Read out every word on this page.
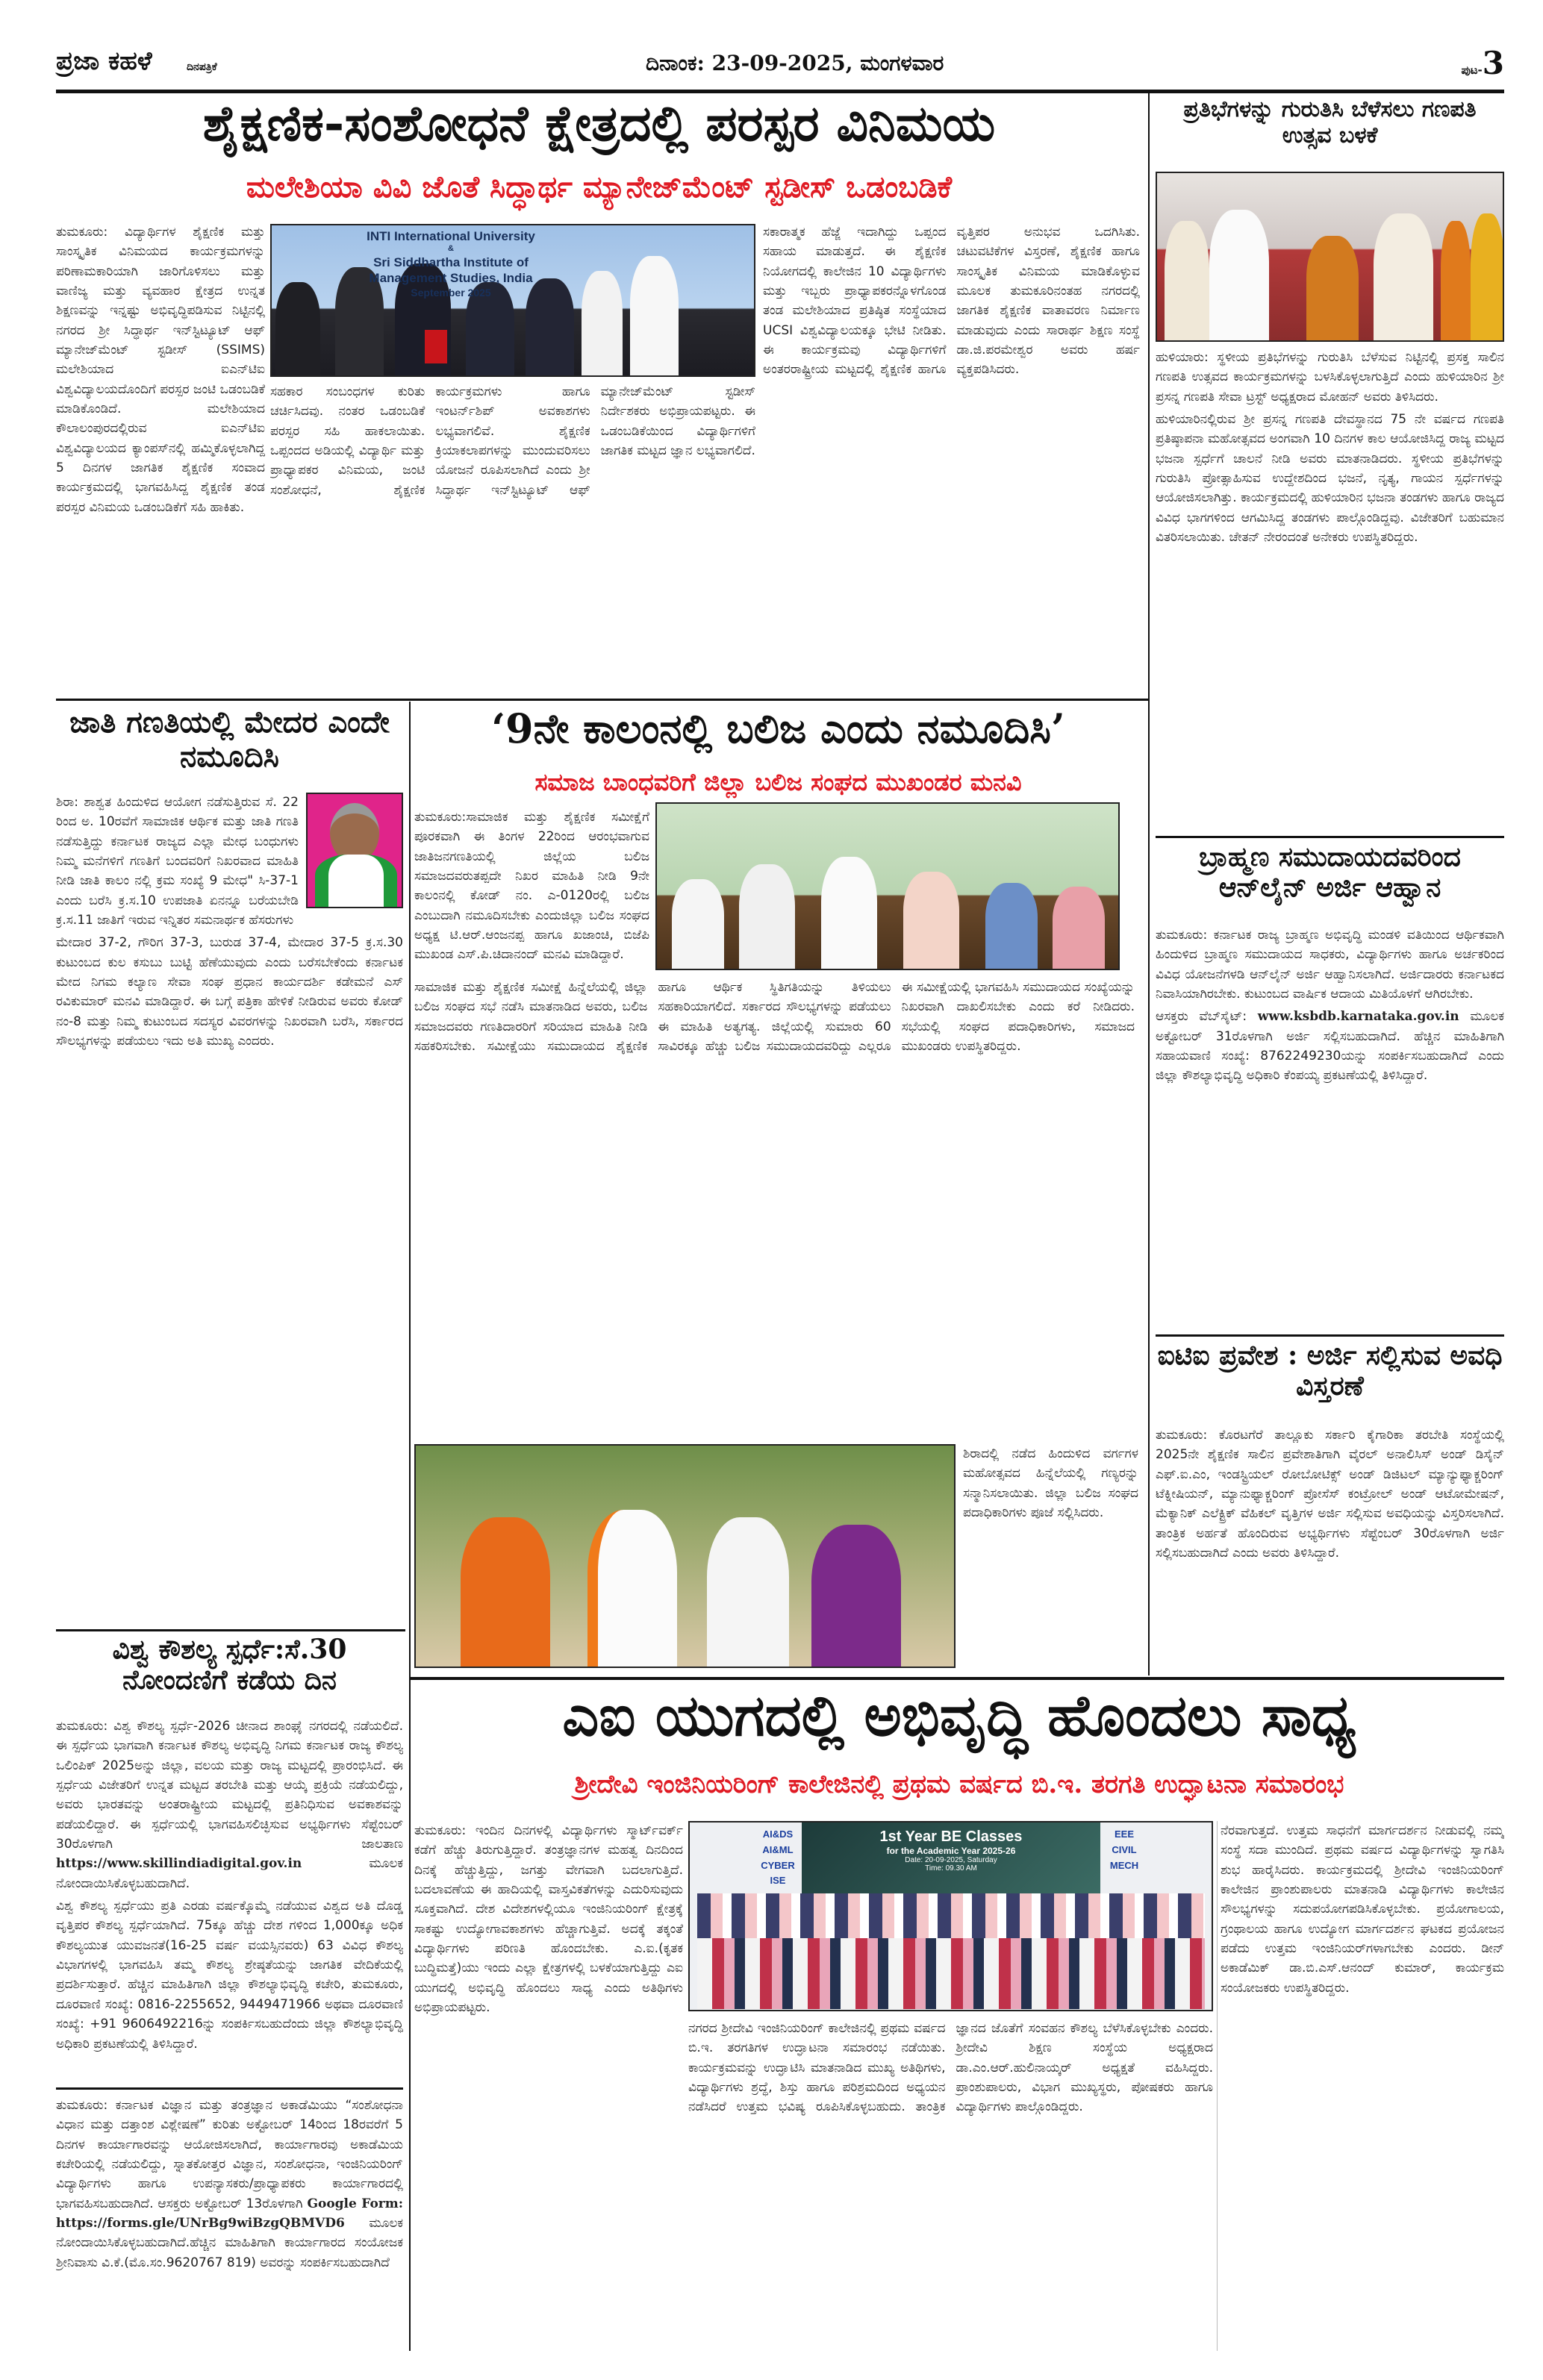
ಪ್ರಜಾ ಕಹಳೆ	ದಿನಪತ್ರಿಕೆ	ದಿನಾಂಕ: 23-09-2025, ಮಂಗಳವಾರ	ಪುಟ-3
ಶೈಕ್ಷಣಿಕ-ಸಂಶೋಧನೆ ಕ್ಷೇತ್ರದಲ್ಲಿ ಪರಸ್ಪರ ವಿನಿಮಯ
ಮಲೇಶಿಯಾ ವಿವಿ ಜೊತೆ ಸಿದ್ಧಾರ್ಥ ಮ್ಯಾನೇಜ್‌ಮೆಂಟ್ ಸ್ಟಡೀಸ್ ಒಡಂಬಡಿಕೆ
ತುಮಕೂರು: ವಿದ್ಯಾರ್ಥಿಗಳ ಶೈಕ್ಷಣಿಕ ಮತ್ತು ಸಾಂಸ್ಕೃತಿಕ ವಿನಿಮಯದ ಕಾರ್ಯಕ್ರಮಗಳನ್ನು ಪರಿಣಾಮಕಾರಿಯಾಗಿ ಜಾರಿಗೊಳಿಸಲು ಮತ್ತು ವಾಣಿಜ್ಯ ಮತ್ತು ವ್ಯವಹಾರ ಕ್ಷೇತ್ರದ ಉನ್ನತ ಶಿಕ್ಷಣವನ್ನು ಇನ್ನಷ್ಟು ಅಭಿವೃದ್ಧಿಪಡಿಸುವ ನಿಟ್ಟಿನಲ್ಲಿ ನಗರದ ಶ್ರೀ ಸಿದ್ಧಾರ್ಥ ಇನ್‌ಸ್ಟಿಟ್ಯೂಟ್ ಆಫ್ ಮ್ಯಾನೇಜ್‌ಮೆಂಟ್ ಸ್ಟಡೀಸ್ (SSIMS) ಮಲೇಶಿಯಾದ ಐಎನ್‌ಟಿಐ ವಿಶ್ವವಿದ್ಯಾಲಯದೊಂದಿಗೆ ಪರಸ್ಪರ ಜಂಟಿ ಒಡಂಬಡಿಕೆ ಮಾಡಿಕೊಂಡಿದೆ. ಮಲೇಶಿಯಾದ ಕೌಲಾಲಂಪುರದಲ್ಲಿರುವ ಐಎನ್‌ಟಿಐ ವಿಶ್ವವಿದ್ಯಾಲಯದ ಕ್ಯಾಂಪಸ್‌ನಲ್ಲಿ ಹಮ್ಮಿಕೊಳ್ಳಲಾಗಿದ್ದ 5 ದಿನಗಳ ಜಾಗತಿಕ ಶೈಕ್ಷಣಿಕ ಸಂವಾದ ಕಾರ್ಯಕ್ರಮದಲ್ಲಿ ಭಾಗವಹಿಸಿದ್ದ ಶೈಕ್ಷಣಿಕ ತಂಡ ಪರಸ್ಪರ ವಿನಿಮಯ ಒಡಂಬಡಿಕೆಗೆ ಸಹಿ ಹಾಕಿತು.
INTI International University
&
Sri Siddhartha Institute of
Management Studies, India
September 2025
ಸಹಕಾರ ಸಂಬಂಧಗಳ ಕುರಿತು ಚರ್ಚಿಸಿದವು. ನಂತರ ಒಡಂಬಡಿಕೆ ಪರಸ್ಪರ ಸಹಿ ಹಾಕಲಾಯಿತು. ಒಪ್ಪಂದದ ಅಡಿಯಲ್ಲಿ ವಿದ್ಯಾರ್ಥಿ ಮತ್ತು ಪ್ರಾಧ್ಯಾಪಕರ ವಿನಿಮಯ, ಜಂಟಿ ಸಂಶೋಧನೆ, ಶೈಕ್ಷಣಿಕ ಕಾರ್ಯಕ್ರಮಗಳು ಹಾಗೂ ಇಂಟರ್ನ್‌ಶಿಪ್ ಅವಕಾಶಗಳು ಲಭ್ಯವಾಗಲಿವೆ. ಶೈಕ್ಷಣಿಕ ಕ್ರಿಯಾಕಲಾಪಗಳನ್ನು ಮುಂದುವರಿಸಲು ಯೋಜನೆ ರೂಪಿಸಲಾಗಿದೆ ಎಂದು ಶ್ರೀ ಸಿದ್ಧಾರ್ಥ ಇನ್‌ಸ್ಟಿಟ್ಯೂಟ್ ಆಫ್ ಮ್ಯಾನೇಜ್‌ಮೆಂಟ್ ಸ್ಟಡೀಸ್ ನಿರ್ದೇಶಕರು ಅಭಿಪ್ರಾಯಪಟ್ಟರು. ಈ ಒಡಂಬಡಿಕೆಯಿಂದ ವಿದ್ಯಾರ್ಥಿಗಳಿಗೆ ಜಾಗತಿಕ ಮಟ್ಟದ ಜ್ಞಾನ ಲಭ್ಯವಾಗಲಿದೆ.
ಸಕಾರಾತ್ಮಕ ಹೆಜ್ಜೆ ಇದಾಗಿದ್ದು ಒಪ್ಪಂದ ಸಹಾಯ ಮಾಡುತ್ತದೆ. ಈ ಶೈಕ್ಷಣಿಕ ನಿಯೋಗದಲ್ಲಿ ಕಾಲೇಜಿನ 10 ವಿದ್ಯಾರ್ಥಿಗಳು ಮತ್ತು ಇಬ್ಬರು ಪ್ರಾಧ್ಯಾಪಕರನ್ನೊಳಗೊಂಡ ತಂಡ ಮಲೇಶಿಯಾದ ಪ್ರತಿಷ್ಠಿತ ಸಂಸ್ಥೆಯಾದ UCSI ವಿಶ್ವವಿದ್ಯಾಲಯಕ್ಕೂ ಭೇಟಿ ನೀಡಿತು. ಈ ಕಾರ್ಯಕ್ರಮವು ವಿದ್ಯಾರ್ಥಿಗಳಿಗೆ ಅಂತರರಾಷ್ಟ್ರೀಯ ಮಟ್ಟದಲ್ಲಿ ಶೈಕ್ಷಣಿಕ ಹಾಗೂ ವೃತ್ತಿಪರ ಅನುಭವ ಒದಗಿಸಿತು. ಚಟುವಟಿಕೆಗಳ ವಿಸ್ತರಣೆ, ಶೈಕ್ಷಣಿಕ ಹಾಗೂ ಸಾಂಸ್ಕೃತಿಕ ವಿನಿಮಯ ಮಾಡಿಕೊಳ್ಳುವ ಮೂಲಕ ತುಮಕೂರಿನಂತಹ ನಗರದಲ್ಲಿ ಜಾಗತಿಕ ಶೈಕ್ಷಣಿಕ ವಾತಾವರಣ ನಿರ್ಮಾಣ ಮಾಡುವುದು ಎಂದು ಸಾರಾರ್ಥ ಶಿಕ್ಷಣ ಸಂಸ್ಥೆ ಡಾ.ಜಿ.ಪರಮೇಶ್ವರ ಅವರು ಹರ್ಷ ವ್ಯಕ್ತಪಡಿಸಿದರು.
ಪ್ರತಿಭೆಗಳನ್ನು ಗುರುತಿಸಿ ಬೆಳೆಸಲು ಗಣಪತಿ ಉತ್ಸವ ಬಳಕೆ

ಹುಳಿಯಾರು: ಸ್ಥಳೀಯ ಪ್ರತಿಭೆಗಳನ್ನು ಗುರುತಿಸಿ ಬೆಳೆಸುವ ನಿಟ್ಟಿನಲ್ಲಿ ಪ್ರಸಕ್ತ ಸಾಲಿನ ಗಣಪತಿ ಉತ್ಸವದ ಕಾರ್ಯಕ್ರಮಗಳನ್ನು ಬಳಸಿಕೊಳ್ಳಲಾಗುತ್ತಿದೆ ಎಂದು ಹುಳಿಯಾರಿನ ಶ್ರೀ ಪ್ರಸನ್ನ ಗಣಪತಿ ಸೇವಾ ಟ್ರಸ್ಟ್ ಅಧ್ಯಕ್ಷರಾದ ಮೋಹನ್ ಅವರು ತಿಳಿಸಿದರು.

ಹುಳಿಯಾರಿನಲ್ಲಿರುವ ಶ್ರೀ ಪ್ರಸನ್ನ ಗಣಪತಿ ದೇವಸ್ಥಾನದ 75 ನೇ ವರ್ಷದ ಗಣಪತಿ ಪ್ರತಿಷ್ಠಾಪನಾ ಮಹೋತ್ಸವದ ಅಂಗವಾಗಿ 10 ದಿನಗಳ ಕಾಲ ಆಯೋಜಿಸಿದ್ದ ರಾಜ್ಯ ಮಟ್ಟದ ಭಜನಾ ಸ್ಪರ್ಧೆಗೆ ಚಾಲನೆ ನೀಡಿ ಅವರು ಮಾತನಾಡಿದರು. ಸ್ಥಳೀಯ ಪ್ರತಿಭೆಗಳನ್ನು ಗುರುತಿಸಿ ಪ್ರೋತ್ಸಾಹಿಸುವ ಉದ್ದೇಶದಿಂದ ಭಜನೆ, ನೃತ್ಯ, ಗಾಯನ ಸ್ಪರ್ಧೆಗಳನ್ನು ಆಯೋಜಿಸಲಾಗಿತ್ತು. ಕಾರ್ಯಕ್ರಮದಲ್ಲಿ ಹುಳಿಯಾರಿನ ಭಜನಾ ತಂಡಗಳು ಹಾಗೂ ರಾಜ್ಯದ ವಿವಿಧ ಭಾಗಗಳಿಂದ ಆಗಮಿಸಿದ್ದ ತಂಡಗಳು ಪಾಲ್ಗೊಂಡಿದ್ದವು. ವಿಜೇತರಿಗೆ ಬಹುಮಾನ ವಿತರಿಸಲಾಯಿತು. ಚೇತನ್ ನೇರಂದಂತೆ ಅನೇಕರು ಉಪಸ್ಥಿತರಿದ್ದರು.

ಬ್ರಾಹ್ಮಣ ಸಮುದಾಯದವರಿಂದ ಆನ್‌ಲೈನ್ ಅರ್ಜಿ ಆಹ್ವಾನ

ತುಮಕೂರು: ಕರ್ನಾಟಕ ರಾಜ್ಯ ಬ್ರಾಹ್ಮಣ ಅಭಿವೃದ್ಧಿ ಮಂಡಳಿ ವತಿಯಿಂದ ಆರ್ಥಿಕವಾಗಿ ಹಿಂದುಳಿದ ಬ್ರಾಹ್ಮಣ ಸಮುದಾಯದ ಸಾಧಕರು, ವಿದ್ಯಾರ್ಥಿಗಳು ಹಾಗೂ ಅರ್ಚಕರಿಂದ ವಿವಿಧ ಯೋಜನೆಗಳಡಿ ಆನ್‌ಲೈನ್ ಅರ್ಜಿ ಆಹ್ವಾನಿಸಲಾಗಿದೆ. ಅರ್ಜಿದಾರರು ಕರ್ನಾಟಕದ ನಿವಾಸಿಯಾಗಿರಬೇಕು. ಕುಟುಂಬದ ವಾರ್ಷಿಕ ಆದಾಯ ಮಿತಿಯೊಳಗೆ ಆಗಿರಬೇಕು.

ಆಸಕ್ತರು ವೆಬ್‌ಸೈಟ್: www.ksbdb.karnataka.gov.in ಮೂಲಕ ಅಕ್ಟೋಬರ್ 31ರೊಳಗಾಗಿ ಅರ್ಜಿ ಸಲ್ಲಿಸಬಹುದಾಗಿದೆ. ಹೆಚ್ಚಿನ ಮಾಹಿತಿಗಾಗಿ ಸಹಾಯವಾಣಿ ಸಂಖ್ಯೆ: 8762249230ಯನ್ನು ಸಂಪರ್ಕಿಸಬಹುದಾಗಿದೆ ಎಂದು ಜಿಲ್ಲಾ ಕೌಶಲ್ಯಾಭಿವೃದ್ಧಿ ಅಧಿಕಾರಿ ಕೆಂಪಯ್ಯ ಪ್ರಕಟಣೆಯಲ್ಲಿ ತಿಳಿಸಿದ್ದಾರೆ.

ಐಟಿಐ ಪ್ರವೇಶ : ಅರ್ಜಿ ಸಲ್ಲಿಸುವ ಅವಧಿ ವಿಸ್ತರಣೆ
ತುಮಕೂರು: ಕೊರಟಗೆರೆ ತಾಲ್ಲೂಕು ಸರ್ಕಾರಿ ಕೈಗಾರಿಕಾ ತರಬೇತಿ ಸಂಸ್ಥೆಯಲ್ಲಿ 2025ನೇ ಶೈಕ್ಷಣಿಕ ಸಾಲಿನ ಪ್ರವೇಶಾತಿಗಾಗಿ ವೈರಲ್ ಅನಾಲಿಸಿಸ್ ಅಂಡ್ ಡಿಸೈನ್ ಎಫ್.ಐ.ಎಂ, ಇಂಡಸ್ಟ್ರಿಯಲ್ ರೋಬೋಟಿಕ್ಸ್ ಅಂಡ್ ಡಿಜಿಟಲ್ ಮ್ಯಾನ್ಯುಫ್ಯಾಕ್ಚರಿಂಗ್ ಟೆಕ್ನೀಷಿಯನ್, ಮ್ಯಾನುಫ್ಯಾಕ್ಚರಿಂಗ್ ಪ್ರೋಸೆಸ್ ಕಂಟ್ರೋಲ್ ಅಂಡ್ ಆಟೋಮೇಷನ್, ಮೆಕ್ಯಾನಿಕ್ ಎಲೆಕ್ಟ್ರಿಕ್ ವೆಹಿಕಲ್ ವೃತ್ತಿಗಳ ಅರ್ಜಿ ಸಲ್ಲಿಸುವ ಅವಧಿಯನ್ನು ವಿಸ್ತರಿಸಲಾಗಿದೆ. ತಾಂತ್ರಿಕ ಅರ್ಹತೆ ಹೊಂದಿರುವ ಅಭ್ಯರ್ಥಿಗಳು ಸೆಪ್ಟೆಂಬರ್ 30ರೊಳಗಾಗಿ ಅರ್ಜಿ ಸಲ್ಲಿಸಬಹುದಾಗಿದೆ ಎಂದು ಅವರು ತಿಳಿಸಿದ್ದಾರೆ.
ಜಾತಿ ಗಣತಿಯಲ್ಲಿ ಮೇದರ ಎಂದೇ ನಮೂದಿಸಿ

ಶಿರಾ: ಶಾಶ್ವತ ಹಿಂದುಳಿದ ಆಯೋಗ ನಡೆಸುತ್ತಿರುವ ಸೆ. 22 ರಿಂದ ಅ. 10ರವೆಗೆ ಸಾಮಾಜಿಕ ಆರ್ಥಿಕ ಮತ್ತು ಜಾತಿ ಗಣತಿ ನಡೆಸುತ್ತಿದ್ದು ಕರ್ನಾಟಕ ರಾಜ್ಯದ ಎಲ್ಲಾ ಮೇಧ ಬಂಧುಗಳು ನಿಮ್ಮ ಮನೆಗಳಿಗೆ ಗಣತಿಗೆ ಬಂದವರಿಗೆ ನಿಖರವಾದ ಮಾಹಿತಿ ನೀಡಿ ಜಾತಿ ಕಾಲಂ ನಲ್ಲಿ ಕ್ರಮ ಸಂಖ್ಯೆ 9 ಮೇಧ" ಸಿ-37-1 ಎಂದು ಬರೆಸಿ ಕ್ರ.ಸ.10 ಉಪಜಾತಿ ಏನನ್ನೂ ಬರೆಯಬೇಡಿ ಕ್ರ.ಸ.11 ಜಾತಿಗೆ ಇರುವ ಇನ್ನಿತರ ಸಮನಾರ್ಥಕ ಹೆಸರುಗಳು

ಮೇದಾರ 37-2, ಗೌರಿಗ 37-3, ಬುರುಡ 37-4, ಮೇದಾರ 37-5 ಕ್ರ.ಸ.30 ಕುಟುಂಬದ ಕುಲ ಕಸುಬು ಬುಟ್ಟಿ ಹೆಣೆಯುವುದು ಎಂದು ಬರೆಸಬೇಕೆಂದು ಕರ್ನಾಟಕ ಮೇದ ನಿಗಮ ಕಲ್ಯಾಣ ಸೇವಾ ಸಂಘ ಪ್ರಧಾನ ಕಾರ್ಯದರ್ಶಿ ಕಡೇಮನೆ ಎಸ್ ರವಿಕುಮಾರ್ ಮನವಿ ಮಾಡಿದ್ದಾರೆ. ಈ ಬಗ್ಗೆ ಪತ್ರಿಕಾ ಹೇಳಿಕೆ ನೀಡಿರುವ ಅವರು ಕೋಡ್ ನಂ-8 ಮತ್ತು ನಿಮ್ಮ ಕುಟುಂಬದ ಸದಸ್ಯರ ವಿವರಗಳನ್ನು ನಿಖರವಾಗಿ ಬರೆಸಿ, ಸರ್ಕಾರದ ಸೌಲಭ್ಯಗಳನ್ನು ಪಡೆಯಲು ಇದು ಅತಿ ಮುಖ್ಯ ಎಂದರು.

ವಿಶ್ವ ಕೌಶಲ್ಯ ಸ್ಪರ್ಧೆ:ಸೆ.30 ನೋಂದಣಿಗೆ ಕಡೆಯ ದಿನ

ತುಮಕೂರು: ವಿಶ್ವ ಕೌಶಲ್ಯ ಸ್ಪರ್ಧೆ-2026 ಚೀನಾದ ಶಾಂಘೈ ನಗರದಲ್ಲಿ ನಡೆಯಲಿದೆ. ಈ ಸ್ಪರ್ಧೆಯ ಭಾಗವಾಗಿ ಕರ್ನಾಟಕ ಕೌಶಲ್ಯ ಅಭಿವೃದ್ಧಿ ನಿಗಮ ಕರ್ನಾಟಕ ರಾಜ್ಯ ಕೌಶಲ್ಯ ಒಲಿಂಪಿಕ್ 2025ಅನ್ನು ಜಿಲ್ಲಾ, ವಲಯ ಮತ್ತು ರಾಜ್ಯ ಮಟ್ಟದಲ್ಲಿ ಪ್ರಾರಂಭಿಸಿದೆ. ಈ ಸ್ಪರ್ಧೆಯ ವಿಜೇತರಿಗೆ ಉನ್ನತ ಮಟ್ಟದ ತರಬೇತಿ ಮತ್ತು ಆಯ್ಕೆ ಪ್ರಕ್ರಿಯೆ ನಡೆಯಲಿದ್ದು, ಅವರು ಭಾರತವನ್ನು ಅಂತರಾಷ್ಟ್ರೀಯ ಮಟ್ಟದಲ್ಲಿ ಪ್ರತಿನಿಧಿಸುವ ಅವಕಾಶವನ್ನು ಪಡೆಯಲಿದ್ದಾರೆ. ಈ ಸ್ಪರ್ಧೆಯಲ್ಲಿ ಭಾಗವಹಿಸಲಿಚ್ಛಿಸುವ ಅಭ್ಯರ್ಥಿಗಳು ಸೆಪ್ಟೆಂಬರ್ 30ರೊಳಗಾಗಿ ಜಾಲತಾಣ https://www.skillindiadigital.gov.in	ಮೂಲಕ ನೋಂದಾಯಿಸಿಕೊಳ್ಳಬಹುದಾಗಿದೆ.

ವಿಶ್ವ ಕೌಶಲ್ಯ ಸ್ಪರ್ಧೆಯು ಪ್ರತಿ ಎರಡು ವರ್ಷಕ್ಕೊಮ್ಮೆ ನಡೆಯುವ ವಿಶ್ವದ ಅತಿ ದೊಡ್ಡ ವೃತ್ತಿಪರ ಕೌಶಲ್ಯ ಸ್ಪರ್ಧೆಯಾಗಿದೆ. 75ಕ್ಕೂ ಹೆಚ್ಚು ದೇಶ ಗಳಿಂದ 1,000ಕ್ಕೂ ಅಧಿಕ ಕೌಶಲ್ಯಯುತ ಯುವಜನತೆ(16-25 ವರ್ಷ ವಯಸ್ಸಿನವರು) 63 ವಿವಿಧ ಕೌಶಲ್ಯ ವಿಭಾಗಗಳಲ್ಲಿ ಭಾಗವಹಿಸಿ ತಮ್ಮ ಕೌಶಲ್ಯ ಶ್ರೇಷ್ಠತೆಯನ್ನು ಜಾಗತಿಕ ವೇದಿಕೆಯಲ್ಲಿ ಪ್ರದರ್ಶಿಸುತ್ತಾರೆ. ಹೆಚ್ಚಿನ ಮಾಹಿತಿಗಾಗಿ ಜಿಲ್ಲಾ ಕೌಶಲ್ಯಾಭಿವೃದ್ಧಿ ಕಚೇರಿ, ತುಮಕೂರು, ದೂರವಾಣಿ ಸಂಖ್ಯೆ: 0816-2255652, 9449471966 ಅಥವಾ ದೂರವಾಣಿ ಸಂಖ್ಯೆ: +91 9606492216ನ್ನು ಸಂಪರ್ಕಿಸಬಹುದೆಂದು ಜಿಲ್ಲಾ ಕೌಶಲ್ಯಾಭಿವೃದ್ಧಿ ಅಧಿಕಾರಿ ಪ್ರಕಟಣೆಯಲ್ಲಿ ತಿಳಿಸಿದ್ದಾರೆ.

ತುಮಕೂರು: ಕರ್ನಾಟಕ ವಿಜ್ಞಾನ ಮತ್ತು ತಂತ್ರಜ್ಞಾನ ಅಕಾಡೆಮಿಯು “ಸಂಶೋಧನಾ ವಿಧಾನ ಮತ್ತು ದತ್ತಾಂಶ ವಿಶ್ಲೇಷಣೆ” ಕುರಿತು ಅಕ್ಟೋಬರ್ 14ರಿಂದ 18ರವರೆಗೆ 5 ದಿನಗಳ ಕಾರ್ಯಾಗಾರವನ್ನು ಆಯೋಜಿಸಲಾಗಿದೆ, ಕಾರ್ಯಾಗಾರವು ಅಕಾಡೆಮಿಯ ಕಚೇರಿಯಲ್ಲಿ ನಡೆಯಲಿದ್ದು, ಸ್ನಾತಕೋತ್ತರ ವಿಜ್ಞಾನ, ಸಂಶೋಧನಾ, ಇಂಜಿನಿಯರಿಂಗ್ ವಿದ್ಯಾರ್ಥಿಗಳು ಹಾಗೂ ಉಪನ್ಯಾಸಕರು/ಪ್ರಾಧ್ಯಾಪಕರು ಕಾರ್ಯಾಗಾರದಲ್ಲಿ ಭಾಗವಹಿಸಬಹುದಾಗಿದೆ. ಆಸಕ್ತರು ಅಕ್ಟೋಬರ್ 13ರೊಳಗಾಗಿ Google Form: https://forms.gle/UNrBg9wiBzgQBMVD6 ಮೂಲಕ ನೋಂದಾಯಿಸಿಕೊಳ್ಳಬಹುದಾಗಿದೆ.ಹೆಚ್ಚಿನ ಮಾಹಿತಿಗಾಗಿ ಕಾರ್ಯಾಗಾರದ ಸಂಯೋಜಕ ಶ್ರೀನಿವಾಸು ವಿ.ಕೆ.(ಮೊ.ಸಂ.9620767 819) ಅವರನ್ನು ಸಂಪರ್ಕಿಸಬಹುದಾಗಿದೆ

‘9ನೇ ಕಾಲಂನಲ್ಲಿ ಬಲಿಜ ಎಂದು ನಮೂದಿಸಿ’
ಸಮಾಜ ಬಾಂಧವರಿಗೆ ಜಿಲ್ಲಾ ಬಲಿಜ ಸಂಘದ ಮುಖಂಡರ ಮನವಿ
ತುಮಕೂರು:ಸಾಮಾಜಿಕ ಮತ್ತು ಶೈಕ್ಷಣಿಕ ಸಮೀಕ್ಷೆಗೆ ಪೂರಕವಾಗಿ ಈ ತಿಂಗಳ 22ರಿಂದ ಆರಂಭವಾಗುವ ಜಾತಿಜನಗಣತಿಯಲ್ಲಿ ಜಿಲ್ಲೆಯ ಬಲಿಜ ಸಮಾಜದವರುತಪ್ಪದೇ ನಿಖರ ಮಾಹಿತಿ ನೀಡಿ 9ನೇ ಕಾಲಂನಲ್ಲಿ ಕೋಡ್ ನಂ. ಎ-0120ರಲ್ಲಿ ಬಲಿಜ ಎಂಬುದಾಗಿ ನಮೂದಿಸಬೇಕು ಎಂದುಜಿಲ್ಲಾ ಬಲಿಜ ಸಂಘದ ಅಧ್ಯಕ್ಷ ಟಿ.ಆರ್.ಆಂಜನಪ್ಪ ಹಾಗೂ ಖಜಾಂಚಿ, ಬಿಜೆಪಿ ಮುಖಂಡ ಎಸ್.ಪಿ.ಚಿದಾನಂದ್ ಮನವಿ ಮಾಡಿದ್ದಾರೆ.
ಸಾಮಾಜಿಕ ಮತ್ತು ಶೈಕ್ಷಣಿಕ ಸಮೀಕ್ಷೆ ಹಿನ್ನೆಲೆಯಲ್ಲಿ ಜಿಲ್ಲಾ ಬಲಿಜ ಸಂಘದ ಸಭೆ ನಡೆಸಿ ಮಾತನಾಡಿದ ಅವರು, ಬಲಿಜ ಸಮಾಜದವರು ಗಣತಿದಾರರಿಗೆ ಸರಿಯಾದ ಮಾಹಿತಿ ನೀಡಿ ಸಹಕರಿಸಬೇಕು. ಸಮೀಕ್ಷೆಯು ಸಮುದಾಯದ ಶೈಕ್ಷಣಿಕ ಹಾಗೂ ಆರ್ಥಿಕ ಸ್ಥಿತಿಗತಿಯನ್ನು ತಿಳಿಯಲು ಸಹಕಾರಿಯಾಗಲಿದೆ. ಸರ್ಕಾರದ ಸೌಲಭ್ಯಗಳನ್ನು ಪಡೆಯಲು ಈ ಮಾಹಿತಿ ಅತ್ಯಗತ್ಯ. ಜಿಲ್ಲೆಯಲ್ಲಿ ಸುಮಾರು 60 ಸಾವಿರಕ್ಕೂ ಹೆಚ್ಚು ಬಲಿಜ ಸಮುದಾಯದವರಿದ್ದು ಎಲ್ಲರೂ ಈ ಸಮೀಕ್ಷೆಯಲ್ಲಿ ಭಾಗವಹಿಸಿ ಸಮುದಾಯದ ಸಂಖ್ಯೆಯನ್ನು ನಿಖರವಾಗಿ ದಾಖಲಿಸಬೇಕು ಎಂದು ಕರೆ ನೀಡಿದರು. ಸಭೆಯಲ್ಲಿ ಸಂಘದ ಪದಾಧಿಕಾರಿಗಳು, ಸಮಾಜದ ಮುಖಂಡರು ಉಪಸ್ಥಿತರಿದ್ದರು.
ಶಿರಾದಲ್ಲಿ ನಡೆದ ಹಿಂದುಳಿದ ವರ್ಗಗಳ ಮಹೋತ್ಸವದ ಹಿನ್ನೆಲೆಯಲ್ಲಿ ಗಣ್ಯರನ್ನು ಸನ್ಮಾನಿಸಲಾಯಿತು. ಜಿಲ್ಲಾ ಬಲಿಜ ಸಂಘದ ಪದಾಧಿಕಾರಿಗಳು ಪೂಜೆ ಸಲ್ಲಿಸಿದರು.
ಎಐ ಯುಗದಲ್ಲಿ ಅಭಿವೃದ್ಧಿ ಹೊಂದಲು ಸಾಧ್ಯ
ಶ್ರೀದೇವಿ ಇಂಜಿನಿಯರಿಂಗ್ ಕಾಲೇಜಿನಲ್ಲಿ ಪ್ರಥಮ ವರ್ಷದ ಬಿ.ಇ. ತರಗತಿ ಉದ್ಘಾಟನಾ ಸಮಾರಂಭ
ತುಮಕೂರು: ಇಂದಿನ ದಿನಗಳಲ್ಲಿ ವಿದ್ಯಾರ್ಥಿಗಳು ಸ್ಮಾರ್ಟ್‌ವರ್ಕ್ ಕಡೆಗೆ ಹೆಚ್ಚು ತಿರುಗುತ್ತಿದ್ದಾರೆ. ತಂತ್ರಜ್ಞಾನಗಳ ಮಹತ್ವ ದಿನದಿಂದ ದಿನಕ್ಕೆ ಹೆಚ್ಚುತ್ತಿದ್ದು, ಜಗತ್ತು ವೇಗವಾಗಿ ಬದಲಾಗುತ್ತಿದೆ. ಬದಲಾವಣೆಯ ಈ ಹಾದಿಯಲ್ಲಿ ವಾಸ್ತವಿಕತೆಗಳನ್ನು ಎದುರಿಸುವುದು ಸೂಕ್ತವಾಗಿದೆ. ದೇಶ ವಿದೇಶಗಳಲ್ಲಿಯೂ ಇಂಜಿನಿಯರಿಂಗ್ ಕ್ಷೇತ್ರಕ್ಕೆ ಸಾಕಷ್ಟು ಉದ್ಯೋಗಾವಕಾಶಗಳು ಹೆಚ್ಚಾಗುತ್ತಿವೆ. ಅದಕ್ಕೆ ತಕ್ಕಂತೆ ವಿದ್ಯಾರ್ಥಿಗಳು ಪರಿಣತಿ ಹೊಂದಬೇಕು. ಎ.ಐ.(ಕೃತಕ ಬುದ್ಧಿಮತ್ತೆ)ಯು ಇಂದು ಎಲ್ಲಾ ಕ್ಷೇತ್ರಗಳಲ್ಲಿ ಬಳಕೆಯಾಗುತ್ತಿದ್ದು ಎಐ ಯುಗದಲ್ಲಿ ಅಭಿವೃದ್ಧಿ ಹೊಂದಲು ಸಾಧ್ಯ ಎಂದು ಅತಿಥಿಗಳು ಅಭಿಪ್ರಾಯಪಟ್ಟರು.
1st Year BE Classes
for the Academic Year 2025-26
Date: 20-09-2025, Saturday
Time: 09.30 AM
AI&DS AI&ML CYBER ISE
EEE CIVIL MECH
ನಗರದ ಶ್ರೀದೇವಿ ಇಂಜಿನಿಯರಿಂಗ್ ಕಾಲೇಜಿನಲ್ಲಿ ಪ್ರಥಮ ವರ್ಷದ ಬಿ.ಇ. ತರಗತಿಗಳ ಉದ್ಘಾಟನಾ ಸಮಾರಂಭ ನಡೆಯಿತು. ಕಾರ್ಯಕ್ರಮವನ್ನು ಉದ್ಘಾಟಿಸಿ ಮಾತನಾಡಿದ ಮುಖ್ಯ ಅತಿಥಿಗಳು, ವಿದ್ಯಾರ್ಥಿಗಳು ಶ್ರದ್ಧೆ, ಶಿಸ್ತು ಹಾಗೂ ಪರಿಶ್ರಮದಿಂದ ಅಧ್ಯಯನ ನಡೆಸಿದರೆ ಉತ್ತಮ ಭವಿಷ್ಯ ರೂಪಿಸಿಕೊಳ್ಳಬಹುದು. ತಾಂತ್ರಿಕ ಜ್ಞಾನದ ಜೊತೆಗೆ ಸಂವಹನ ಕೌಶಲ್ಯ ಬೆಳೆಸಿಕೊಳ್ಳಬೇಕು ಎಂದರು. ಶ್ರೀದೇವಿ ಶಿಕ್ಷಣ ಸಂಸ್ಥೆಯ ಅಧ್ಯಕ್ಷರಾದ ಡಾ.ಎಂ.ಆರ್.ಹುಲಿನಾಯ್ಕರ್ ಅಧ್ಯಕ್ಷತೆ ವಹಿಸಿದ್ದರು. ಪ್ರಾಂಶುಪಾಲರು, ವಿಭಾಗ ಮುಖ್ಯಸ್ಥರು, ಪೋಷಕರು ಹಾಗೂ ವಿದ್ಯಾರ್ಥಿಗಳು ಪಾಲ್ಗೊಂಡಿದ್ದರು.
ನೆರವಾಗುತ್ತದೆ. ಉತ್ತಮ ಸಾಧನೆಗೆ ಮಾರ್ಗದರ್ಶನ ನೀಡುವಲ್ಲಿ ನಮ್ಮ ಸಂಸ್ಥೆ ಸದಾ ಮುಂದಿದೆ. ಪ್ರಥಮ ವರ್ಷದ ವಿದ್ಯಾರ್ಥಿಗಳನ್ನು ಸ್ವಾಗತಿಸಿ ಶುಭ ಹಾರೈಸಿದರು. ಕಾರ್ಯಕ್ರಮದಲ್ಲಿ ಶ್ರೀದೇವಿ ಇಂಜಿನಿಯರಿಂಗ್ ಕಾಲೇಜಿನ ಪ್ರಾಂಶುಪಾಲರು ಮಾತನಾಡಿ ವಿದ್ಯಾರ್ಥಿಗಳು ಕಾಲೇಜಿನ ಸೌಲಭ್ಯಗಳನ್ನು ಸದುಪಯೋಗಪಡಿಸಿಕೊಳ್ಳಬೇಕು. ಪ್ರಯೋಗಾಲಯ, ಗ್ರಂಥಾಲಯ ಹಾಗೂ ಉದ್ಯೋಗ ಮಾರ್ಗದರ್ಶನ ಘಟಕದ ಪ್ರಯೋಜನ ಪಡೆದು ಉತ್ತಮ ಇಂಜಿನಿಯರ್‌ಗಳಾಗಬೇಕು ಎಂದರು. ಡೀನ್ ಅಕಾಡೆಮಿಕ್ ಡಾ.ಬಿ.ಎಸ್.ಆನಂದ್ ಕುಮಾರ್, ಕಾರ್ಯಕ್ರಮ ಸಂಯೋಜಕರು ಉಪಸ್ಥಿತರಿದ್ದರು.
